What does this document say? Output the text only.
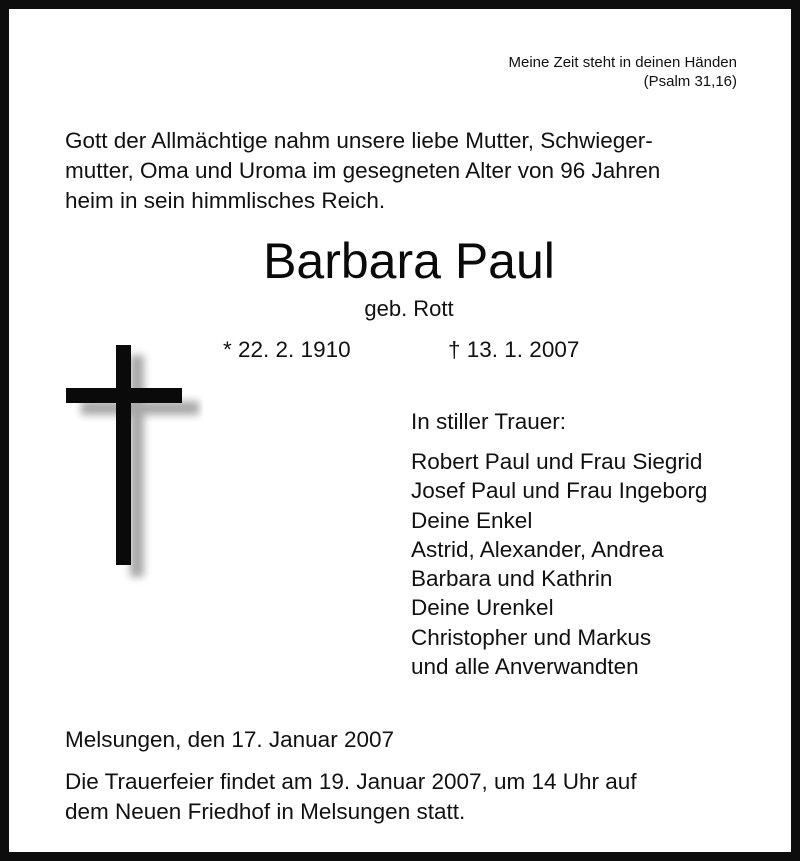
Meine Zeit steht in deinen Händen
(Psalm 31,16)
Gott der Allmächtige nahm unsere liebe Mutter, Schwieger-
mutter, Oma und Uroma im gesegneten Alter von 96 Jahren
heim in sein himmlisches Reich.
Barbara Paul
geb. Rott
* 22. 2. 1910	† 13. 1. 2007
In stiller Trauer:
Robert Paul und Frau Siegrid
Josef Paul und Frau Ingeborg
Deine Enkel
Astrid, Alexander, Andrea
Barbara und Kathrin
Deine Urenkel
Christopher und Markus
und alle Anverwandten
Melsungen, den 17. Januar 2007
Die Trauerfeier findet am 19. Januar 2007, um 14 Uhr auf
dem Neuen Friedhof in Melsungen statt.
